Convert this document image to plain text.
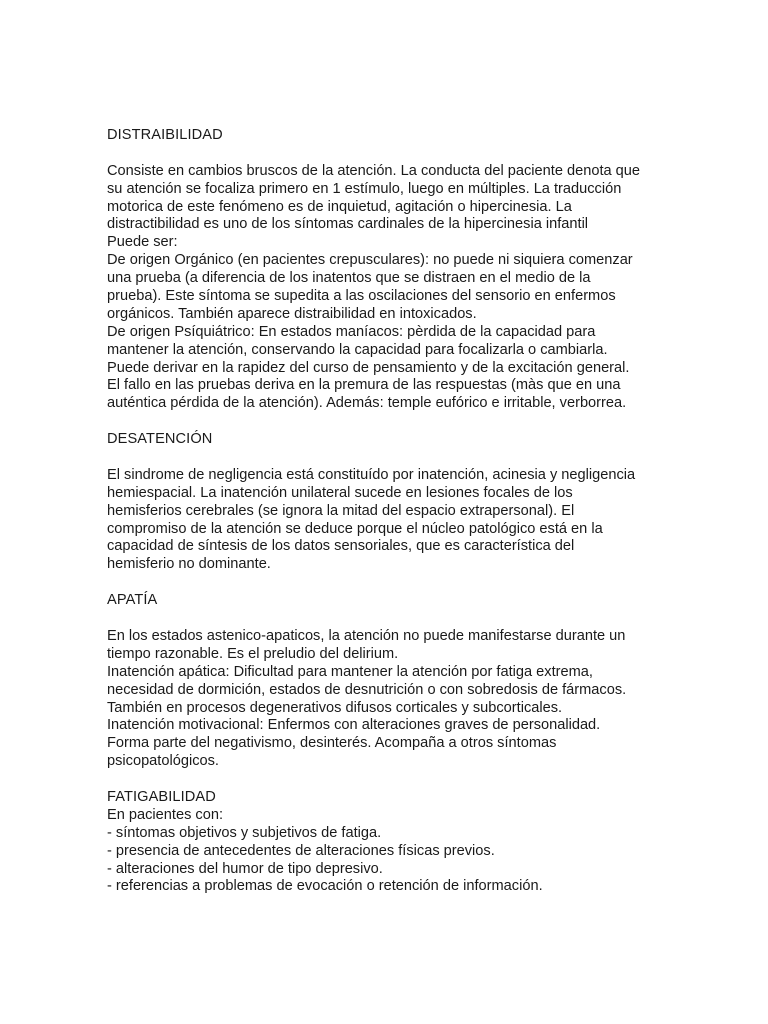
DISTRAIBILIDAD
Consiste en cambios bruscos de la atención. La conducta del paciente denota que
su atención se focaliza primero en 1 estímulo, luego en múltiples. La traducción
motorica de este fenómeno es de inquietud, agitación o hipercinesia. La
distractibilidad es uno de los síntomas cardinales de la hipercinesia infantil
Puede ser:
De origen Orgánico (en pacientes crepusculares): no puede ni siquiera comenzar
una prueba (a diferencia de los inatentos que se distraen en el medio de la
prueba). Este síntoma se supedita a las oscilaciones del sensorio en enfermos
orgánicos. También aparece distraibilidad en intoxicados.
De origen Psíquiátrico: En estados maníacos: pèrdida de la capacidad para
mantener la atención, conservando la capacidad para focalizarla o cambiarla.
Puede derivar en la rapidez del curso de pensamiento y de la excitación general.
El fallo en las pruebas deriva en la premura de las respuestas (màs que en una
auténtica pérdida de la atención). Además: temple eufórico e irritable, verborrea.
DESATENCIÓN
El sindrome de negligencia está constituído por inatención, acinesia y negligencia
hemiespacial. La inatención unilateral sucede en lesiones focales de los
hemisferios cerebrales (se ignora la mitad del espacio extrapersonal). El
compromiso de la atención se deduce porque el núcleo patológico está en la
capacidad de síntesis de los datos sensoriales, que es característica del
hemisferio no dominante.
APATÍA
En los estados astenico-apaticos, la atención no puede manifestarse durante un
tiempo razonable. Es el preludio del delirium.
Inatención apática: Dificultad para mantener la atención por fatiga extrema,
necesidad de dormición, estados de desnutrición o con sobredosis de fármacos.
También en procesos degenerativos difusos corticales y subcorticales.
Inatención motivacional: Enfermos con alteraciones graves de personalidad.
Forma parte del negativismo, desinterés. Acompaña a otros síntomas
psicopatológicos.
FATIGABILIDAD
En pacientes con:
- síntomas objetivos y subjetivos de fatiga.
- presencia de antecedentes de alteraciones físicas previos.
- alteraciones del humor de tipo depresivo.
- referencias a problemas de evocación o retención de información.
